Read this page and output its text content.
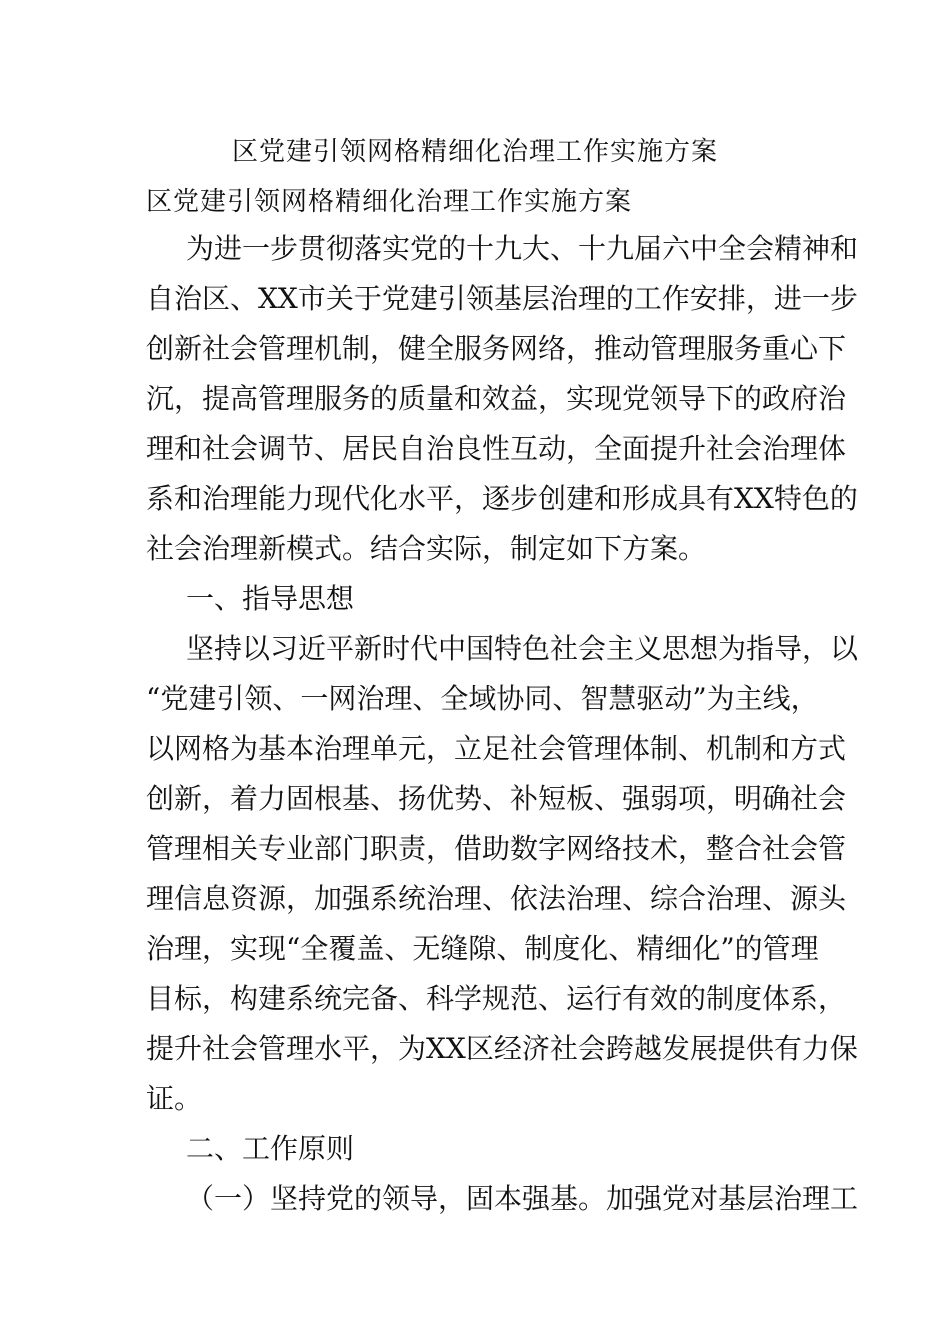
区党建引领网格精细化治理工作实施方案
区党建引领网格精细化治理工作实施方案
为进一步贯彻落实党的十九大、十九届六中全会精神和
自治区、XX市关于党建引领基层治理的工作安排，进一步
创新社会管理机制，健全服务网络，推动管理服务重心下
沉，提高管理服务的质量和效益，实现党领导下的政府治
理和社会调节、居民自治良性互动，全面提升社会治理体
系和治理能力现代化水平，逐步创建和形成具有XX特色的
社会治理新模式。结合实际，制定如下方案。
一、指导思想
坚持以习近平新时代中国特色社会主义思想为指导，以
“党建引领、一网治理、全域协同、智慧驱动”为主线，
以网格为基本治理单元，立足社会管理体制、机制和方式
创新，着力固根基、扬优势、补短板、强弱项，明确社会
管理相关专业部门职责，借助数字网络技术，整合社会管
理信息资源，加强系统治理、依法治理、综合治理、源头
治理，实现“全覆盖、无缝隙、制度化、精细化”的管理
目标，构建系统完备、科学规范、运行有效的制度体系，
提升社会管理水平，为XX区经济社会跨越发展提供有力保
证。
二、工作原则
（一）坚持党的领导，固本强基。加强党对基层治理工
